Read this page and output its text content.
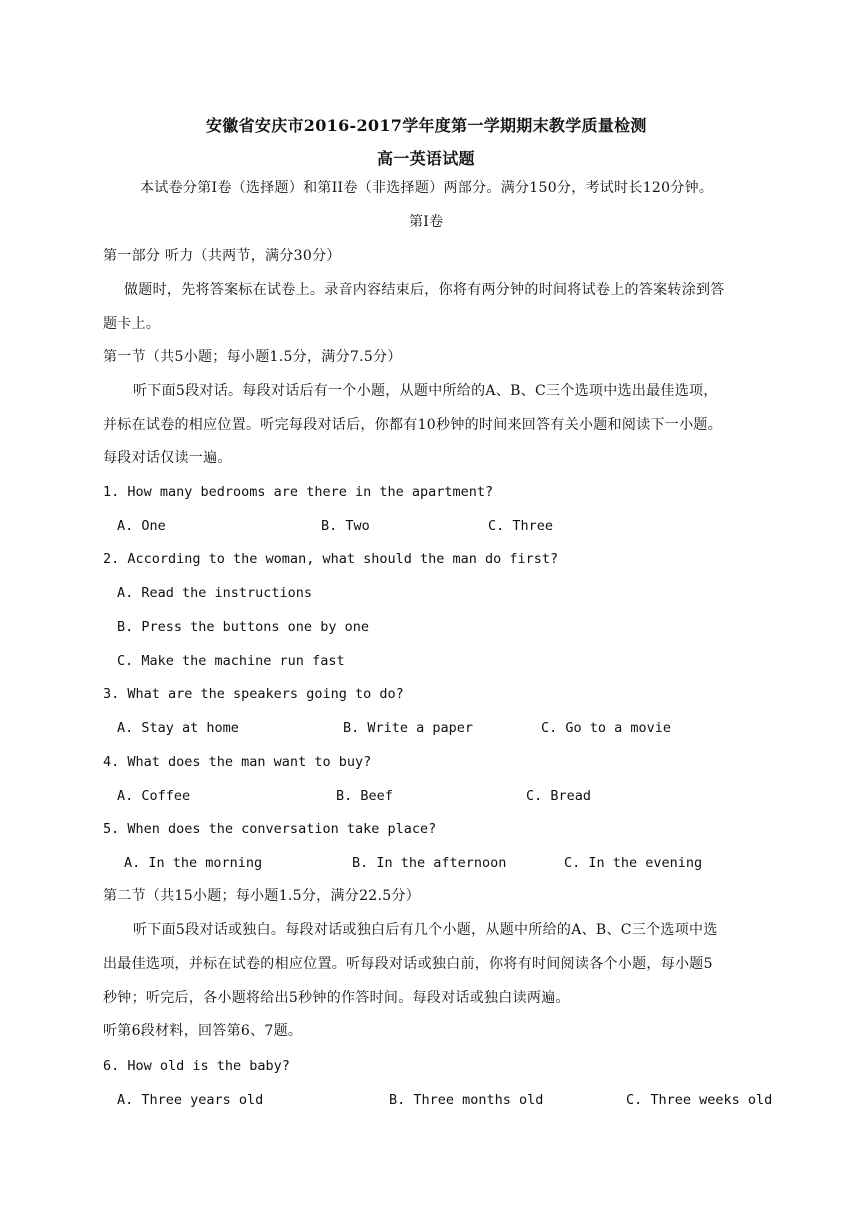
安徽省安庆市2016-2017学年度第一学期期末教学质量检测
高一英语试题
本试卷分第I卷（选择题）和第II卷（非选择题）两部分。满分150分，考试时长120分钟。
第I卷
第一部分 听力（共两节，满分30分）
做题时，先将答案标在试卷上。录音内容结束后，你将有两分钟的时间将试卷上的答案转涂到答
题卡上。
第一节（共5小题；每小题1.5分，满分7.5分）
听下面5段对话。每段对话后有一个小题，从题中所给的A、B、C三个选项中选出最佳选项，
并标在试卷的相应位置。听完每段对话后，你都有10秒钟的时间来回答有关小题和阅读下一小题。
每段对话仅读一遍。
1. How many bedrooms are there in the apartment?
A. One	B. Two	C. Three
2. According to the woman, what should the man do first?
A. Read the instructions
B. Press the buttons one by one
C. Make the machine run fast
3. What are the speakers going to do?
A. Stay at home	B. Write a paper	C. Go to a movie
4. What does the man want to buy?
A. Coffee	B. Beef	C. Bread
5. When does the conversation take place?
A. In the morning	B. In the afternoon	C. In the evening
第二节（共15小题；每小题1.5分，满分22.5分）
听下面5段对话或独白。每段对话或独白后有几个小题，从题中所给的A、B、C三个选项中选
出最佳选项，并标在试卷的相应位置。听每段对话或独白前，你将有时间阅读各个小题，每小题5
秒钟；听完后，各小题将给出5秒钟的作答时间。每段对话或独白读两遍。
听第6段材料，回答第6、7题。
6. How old is the baby?
A. Three years old	B. Three months old	C. Three weeks old
